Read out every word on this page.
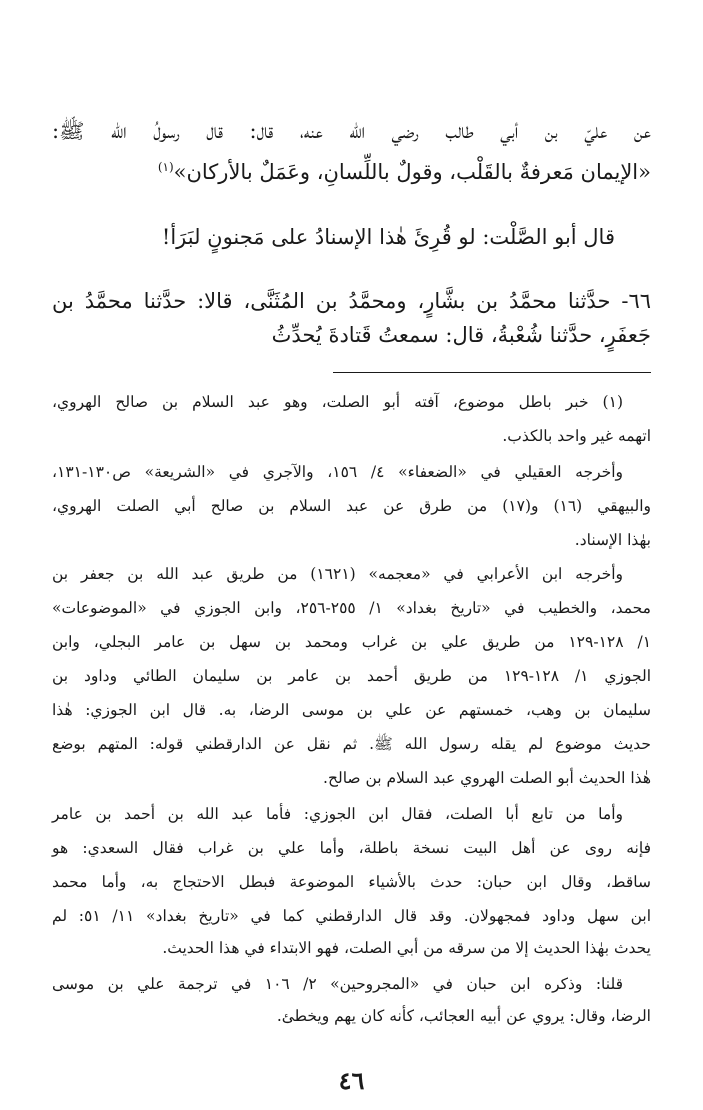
عن عليّ بن أبي طالب رضي الله عنه، قال: قال رسولُ الله ﷺ:
«الإيمان مَعرفةٌ بالقَلْب، وقولٌ باللِّسانِ، وعَمَلٌ بالأركان»$^{(١)}$
قال أبو الصَّلْت: لو قُرِئَ هٰذا الإسنادُ على مَجنونٍ لبَرَأ!
٦٦- حدَّثنا محمَّدُ بن بشَّارٍ، ومحمَّدُ بن المُثَنَّى، قالا: حدَّثنا محمَّدُ بن
جَعفَرٍ، حدَّثنا شُعْبةُ، قال: سمعتُ قَتادةَ يُحدِّثُ
(١) خبر باطل موضوع، آفته أبو الصلت، وهو عبد السلام بن صالح الهروي،
اتهمه غير واحد بالكذب.
وأخرجه العقيلي في «الضعفاء» ٤/ ١٥٦، والآجري في «الشريعة» ص١٣٠-١٣١،
والبيهقي (١٦) و(١٧) من طرق عن عبد السلام بن صالح أبي الصلت الهروي،
بهٰذا الإسناد.
وأخرجه ابن الأعرابي في «معجمه» (١٦٢١) من طريق عبد الله بن جعفر بن
محمد، والخطيب في «تاريخ بغداد» ١/ ٢٥٥-٢٥٦، وابن الجوزي في «الموضوعات»
١/ ١٢٨-١٢٩ من طريق علي بن غراب ومحمد بن سهل بن عامر البجلي، وابن
الجوزي ١/ ١٢٨-١٢٩ من طريق أحمد بن عامر بن سليمان الطائي وداود بن
سليمان بن وهب، خمستهم عن علي بن موسى الرضا، به. قال ابن الجوزي: هٰذا
حديث موضوع لم يقله رسول الله ﷺ. ثم نقل عن الدارقطني قوله: المتهم بوضع
هٰذا الحديث أبو الصلت الهروي عبد السلام بن صالح.
وأما من تابع أبا الصلت، فقال ابن الجوزي: فأما عبد الله بن أحمد بن عامر
فإنه روى عن أهل البيت نسخة باطلة، وأما علي بن غراب فقال السعدي: هو
ساقط، وقال ابن حبان: حدث بالأشياء الموضوعة فبطل الاحتجاج به، وأما محمد
ابن سهل وداود فمجهولان. وقد قال الدارقطني كما في «تاريخ بغداد» ١١/ ٥١: لم
يحدث بهٰذا الحديث إلا من سرقه من أبي الصلت، فهو الابتداء في هذا الحديث.
قلنا: وذكره ابن حبان في «المجروحين» ٢/ ١٠٦ في ترجمة علي بن موسى
الرضا، وقال: يروي عن أبيه العجائب، كأنه كان يهم ويخطئ.
٤٦
